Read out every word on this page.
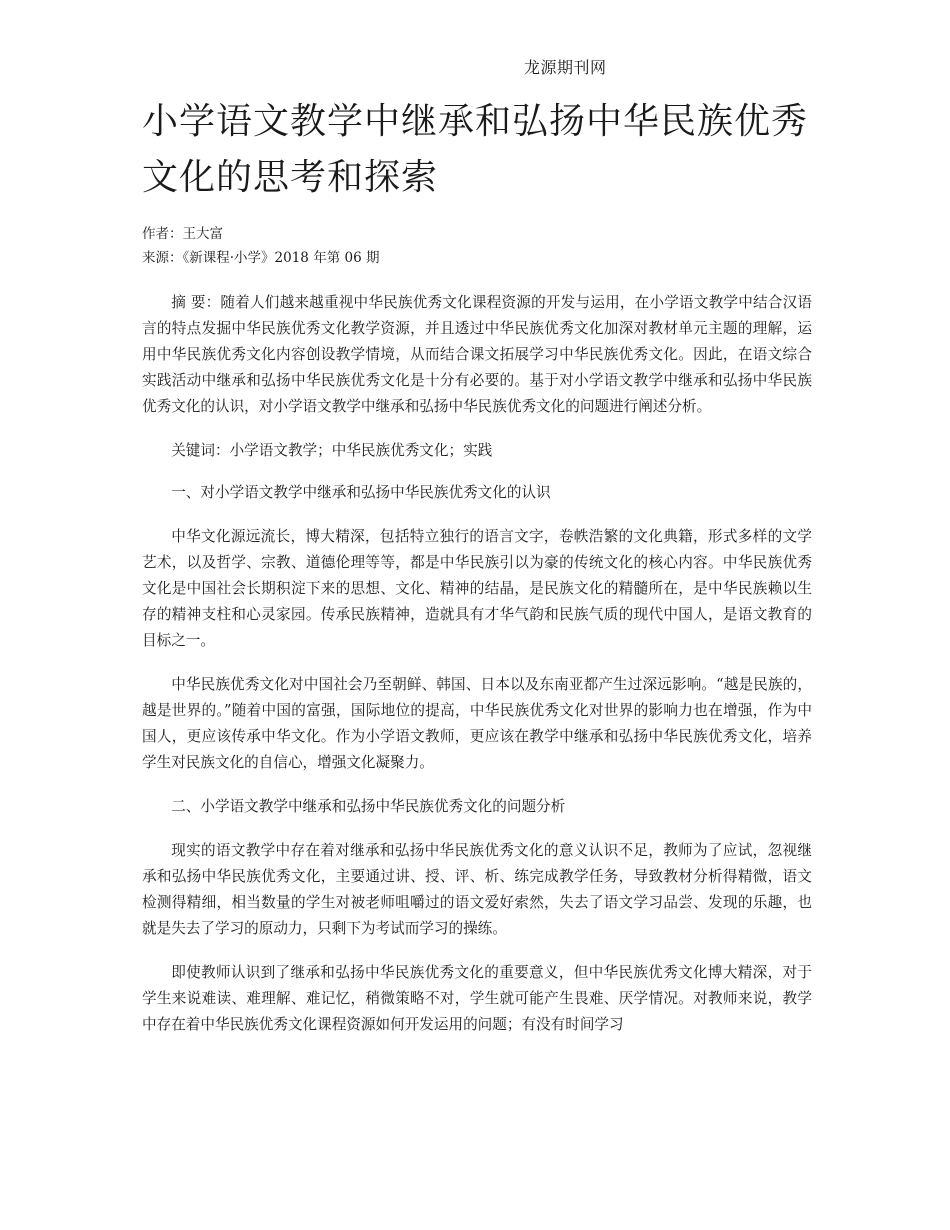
龙源期刊网
小学语文教学中继承和弘扬中华民族优秀文化的思考和探索
作者：王大富
来源：《新课程·小学》2018 年第 06 期

摘 要：随着人们越来越重视中华民族优秀文化课程资源的开发与运用，在小学语文教学中结合汉语言的特点发掘中华民族优秀文化教学资源，并且透过中华民族优秀文化加深对教材单元主题的理解，运用中华民族优秀文化内容创设教学情境，从而结合课文拓展学习中华民族优秀文化。因此，在语文综合实践活动中继承和弘扬中华民族优秀文化是十分有必要的。基于对小学语文教学中继承和弘扬中华民族优秀文化的认识，对小学语文教学中继承和弘扬中华民族优秀文化的问题进行阐述分析。

关键词：小学语文教学；中华民族优秀文化；实践

一、对小学语文教学中继承和弘扬中华民族优秀文化的认识

中华文化源远流长，博大精深，包括特立独行的语言文字，卷帙浩繁的文化典籍，形式多样的文学艺术，以及哲学、宗教、道德伦理等等，都是中华民族引以为豪的传统文化的核心内容。中华民族优秀文化是中国社会长期积淀下来的思想、文化、精神的结晶，是民族文化的精髓所在，是中华民族赖以生存的精神支柱和心灵家园。传承民族精神，造就具有才华气韵和民族气质的现代中国人，是语文教育的目标之一。

中华民族优秀文化对中国社会乃至朝鲜、韩国、日本以及东南亚都产生过深远影响。“越是民族的，越是世界的。”随着中国的富强，国际地位的提高，中华民族优秀文化对世界的影响力也在增强，作为中国人，更应该传承中华文化。作为小学语文教师，更应该在教学中继承和弘扬中华民族优秀文化，培养学生对民族文化的自信心，增强文化凝聚力。

二、小学语文教学中继承和弘扬中华民族优秀文化的问题分析

现实的语文教学中存在着对继承和弘扬中华民族优秀文化的意义认识不足，教师为了应试，忽视继承和弘扬中华民族优秀文化，主要通过讲、授、评、析、练完成教学任务，导致教材分析得精微，语文检测得精细，相当数量的学生对被老师咀嚼过的语文爱好索然，失去了语文学习品尝、发现的乐趣，也就是失去了学习的原动力，只剩下为考试而学习的操练。

即使教师认识到了继承和弘扬中华民族优秀文化的重要意义，但中华民族优秀文化博大精深，对于学生来说难读、难理解、难记忆，稍微策略不对，学生就可能产生畏难、厌学情况。对教师来说，教学中存在着中华民族优秀文化课程资源如何开发运用的问题；有没有时间学习
